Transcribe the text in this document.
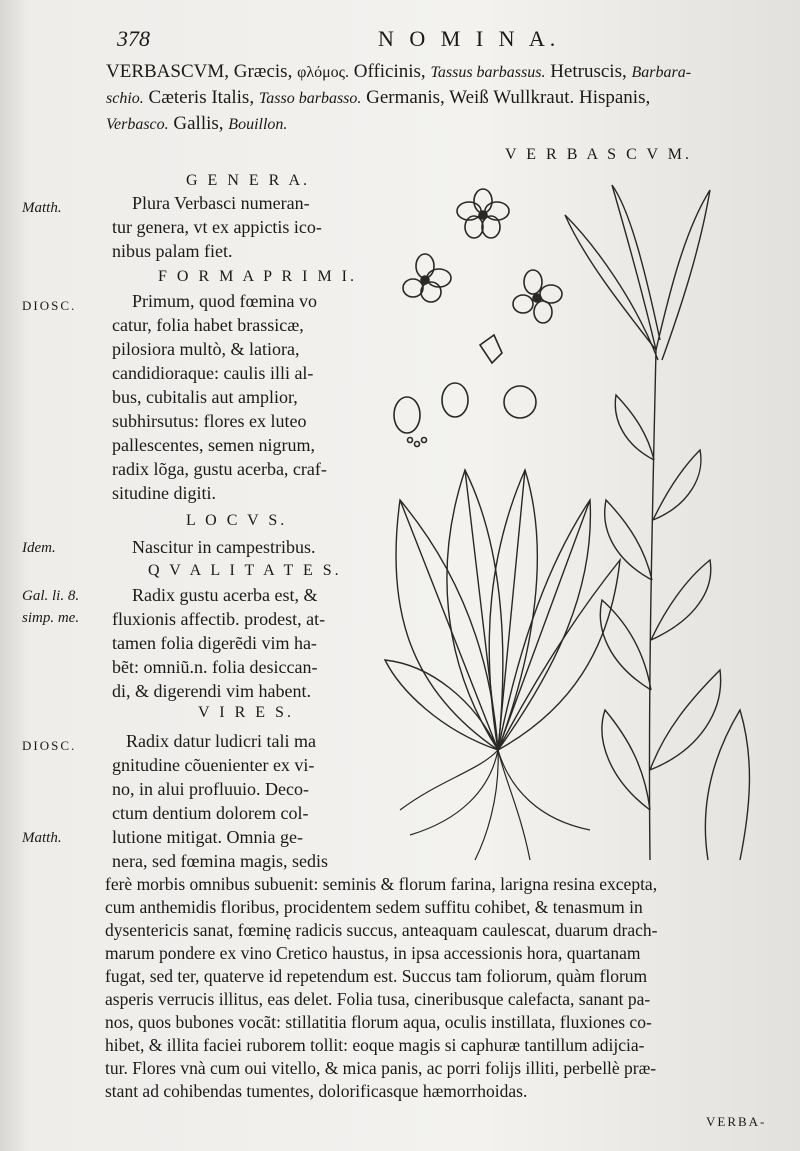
378	N O M I N A.
VERBASCVM, Græcis, φλόμος. Officinis, Tassus barbassus. Hetruscis, Barbara-
schio. Cæteris Italis, Tasso barbasso. Germanis, Weiß Wullkraut. Hispanis,
Verbasco. Gallis, Bouillon.
V E R B A S C V M.
G E N E R A.
F O R M A P R I M I.
L O C V S.
Q V A L I T A T E S.
V I R E S.
Matth.
DIOSC.
Idem.
Gal. li. 8.
simp. me.
DIOSC.
Matth.
Plura Verbasci numeran-
tur genera, vt ex appictis ico-
nibus palam fiet.
Primum, quod fœmina vo
catur, folia habet brassicæ,
pilosiora multò, & latiora,
candidioraque: caulis illi al-
bus, cubitalis aut amplior,
subhirsutus: flores ex luteo
pallescentes, semen nigrum,
radix lõga, gustu acerba, craf-
situdine digiti.
Nascitur in campestribus.
Radix gustu acerba est, &
fluxionis affectib. prodest, at-
tamen folia digerẽdi vim ha-
bẽt: omniũ.n. folia desiccan-
di, & digerendi vim habent.
Radix datur ludicri tali ma
gnitudine cõuenienter ex vi-
no, in alui profluuio. Deco-
ctum dentium dolorem col-
lutione mitigat. Omnia ge-
nera, sed fœmina magis, sedis
ferè morbis omnibus subuenit: seminis & florum farina, larigna resina excepta,
cum anthemidis floribus, procidentem sedem suffitu cohibet, & tenasmum in
dysentericis sanat, fœminę radicis succus, anteaquam caulescat, duarum drach-
marum pondere ex vino Cretico haustus, in ipsa accessionis hora, quartanam
fugat, sed ter, quaterve id repetendum est. Succus tam foliorum, quàm florum
asperis verrucis illitus, eas delet. Folia tusa, cineribusque calefacta, sanant pa-
nos, quos bubones vocãt: stillatitia florum aqua, oculis instillata, fluxiones co-
hibet, & illita faciei ruborem tollit: eoque magis si caphuræ tantillum adijcia-
tur. Flores vnà cum oui vitello, & mica panis, ac porri folijs illiti, perbellè præ-
stant ad cohibendas tumentes, dolorificasque hæmorrhoidas.
VERBA-
